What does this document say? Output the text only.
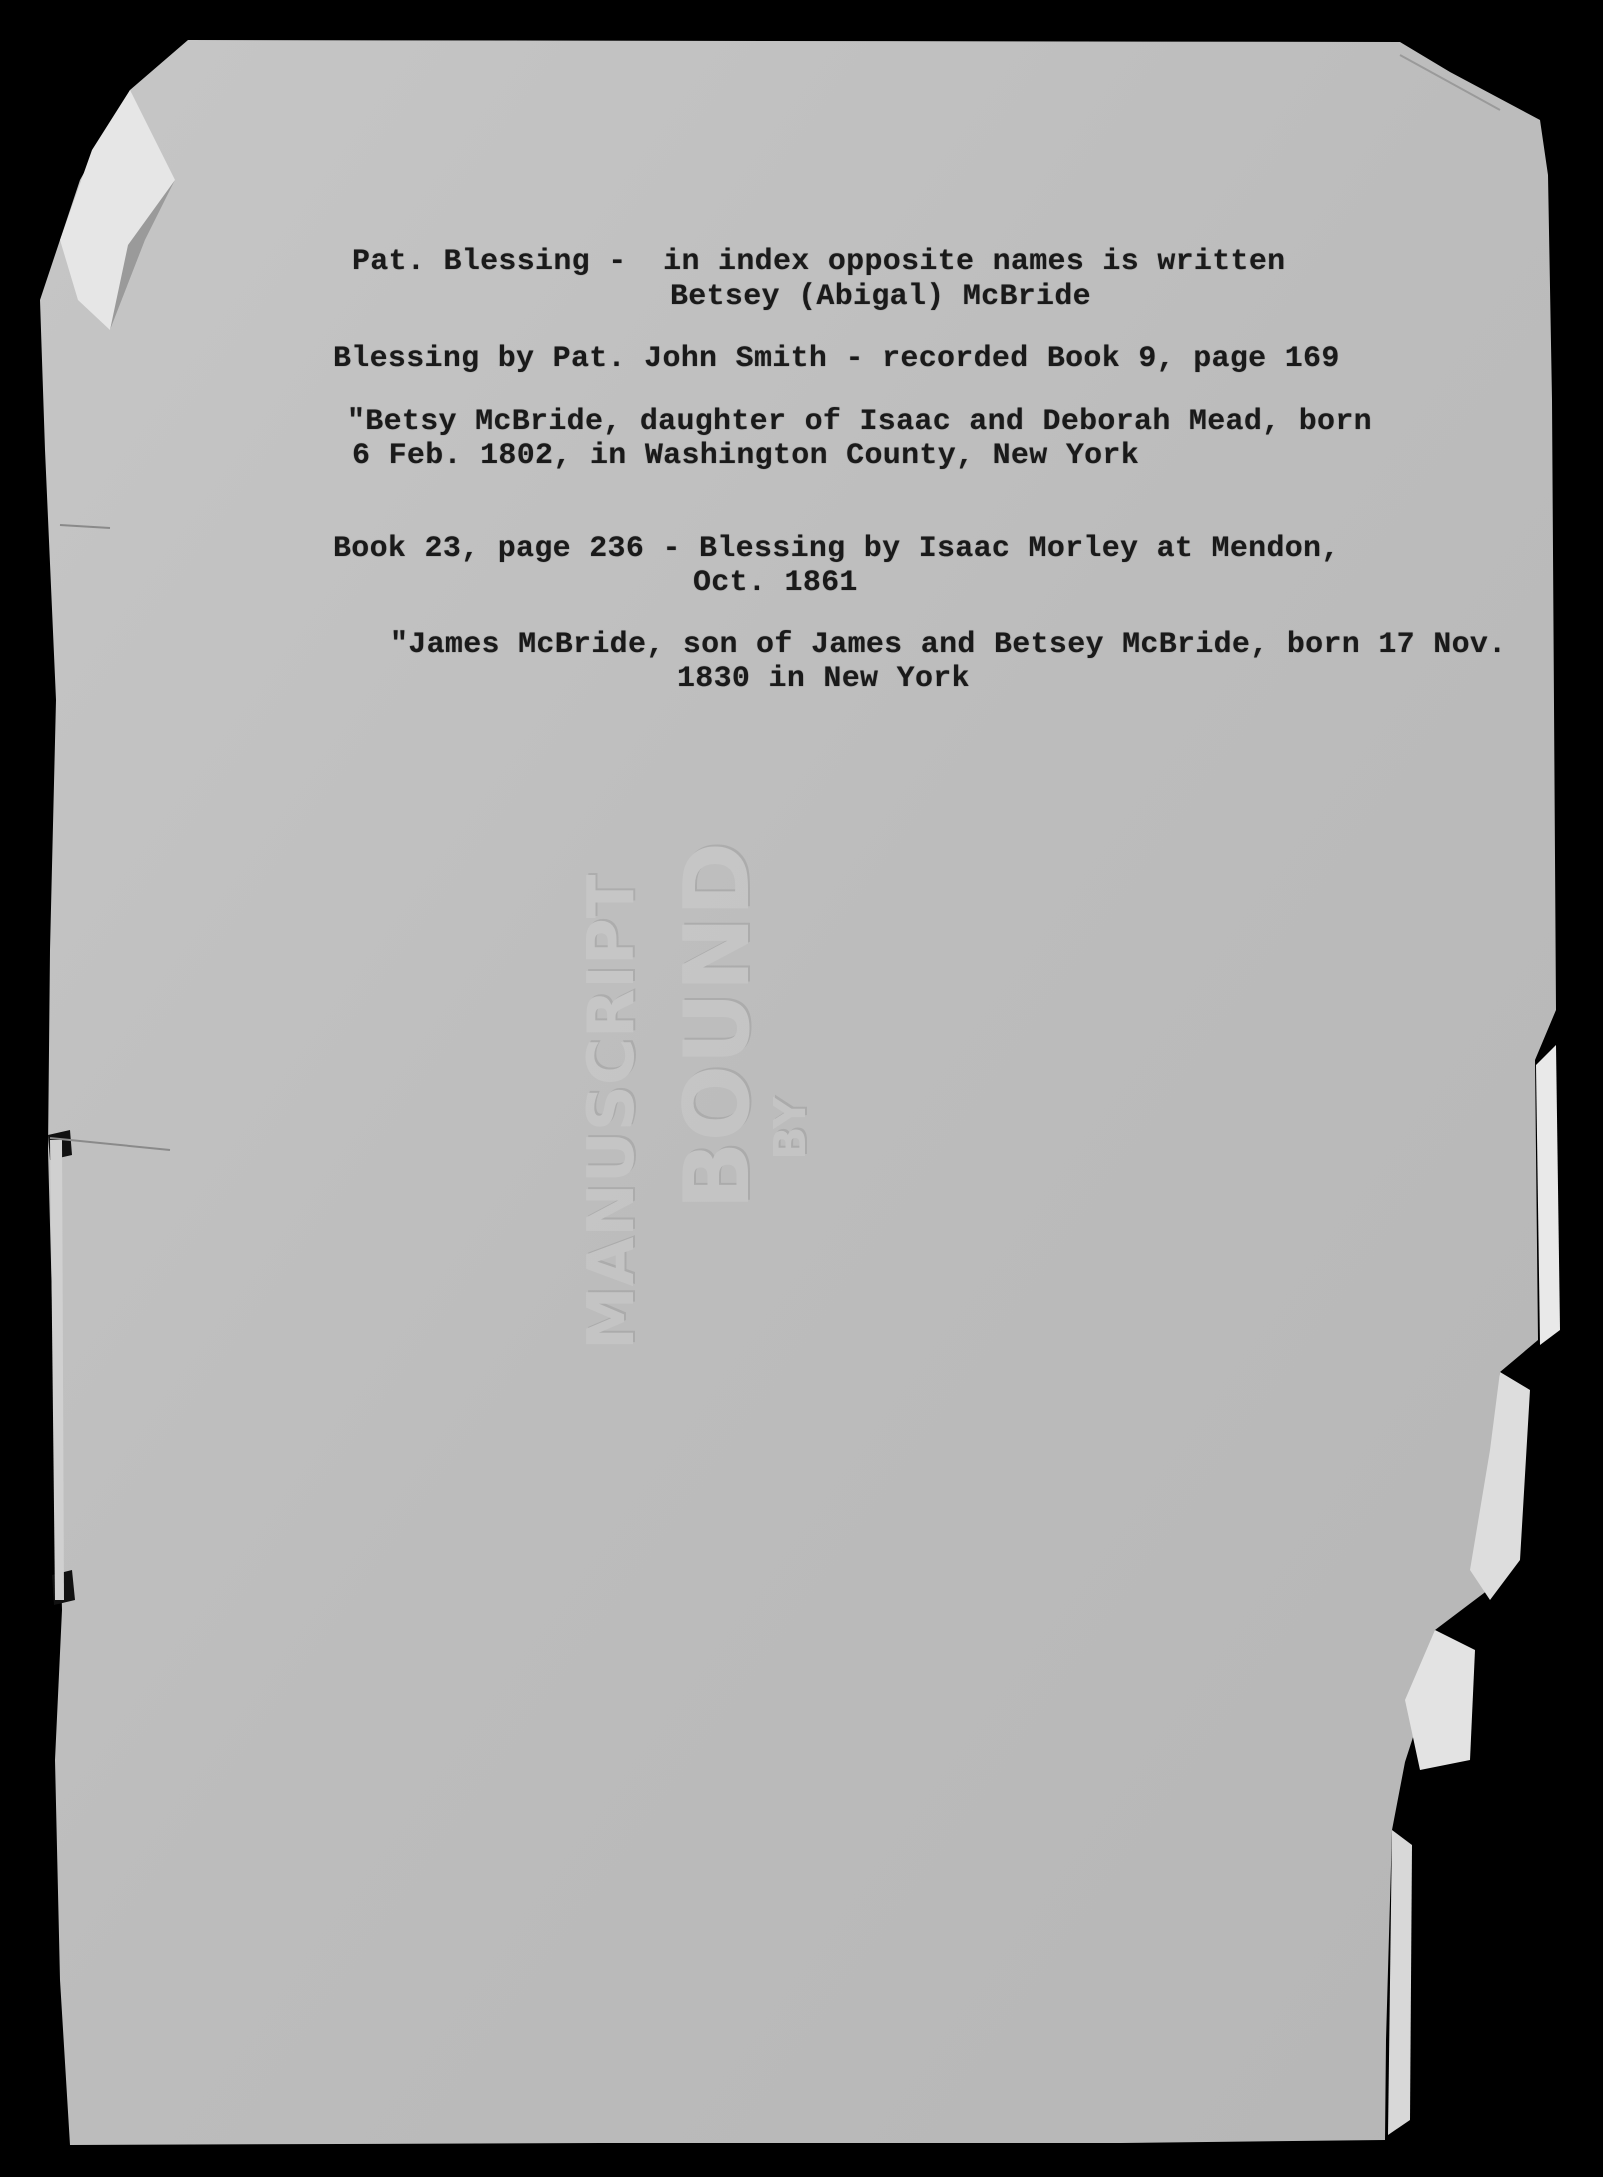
Pat. Blessing -  in index opposite names is written

Betsey (Abigal) McBride

Blessing by Pat. John Smith - recorded Book 9, page 169

"Betsy McBride, daughter of Isaac and Deborah Mead, born

6 Feb. 1802, in Washington County, New York

Book 23, page 236 - Blessing by Isaac Morley at Mendon,

Oct. 1861

"James McBride, son of James and Betsey McBride, born 17 Nov.

1830 in New York
